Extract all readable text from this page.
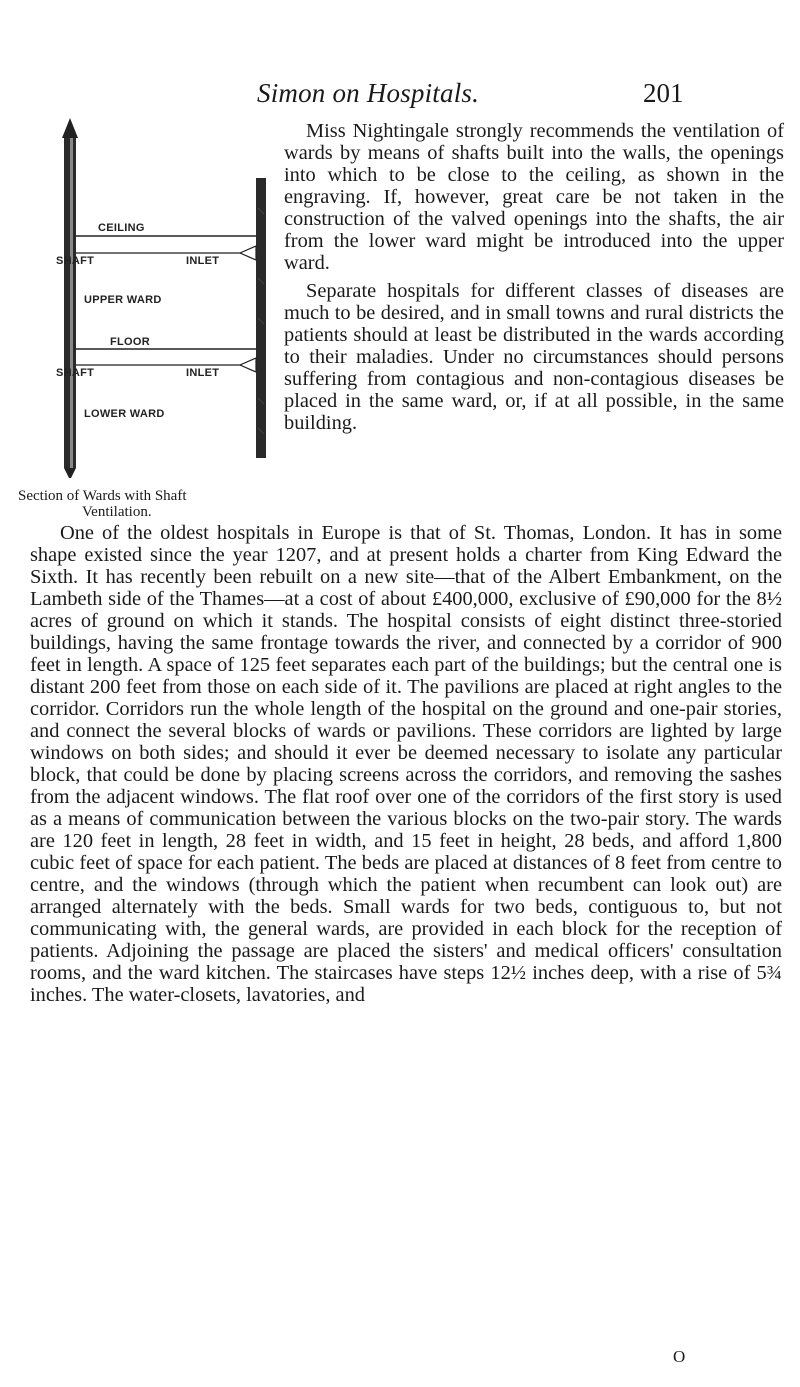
Simon on Hospitals.	201
CEILING
SHAFT	INLET
UPPER WARD
FLOOR
SHAFT	INLET
LOWER WARD
Section of Wards with Shaft
Ventilation.

Miss Nightingale strongly recommends the ventilation of wards by means of shafts built into the walls, the openings into which to be close to the ceiling, as shown in the engraving. If, however, great care be not taken in the construction of the valved openings into the shafts, the air from the lower ward might be introduced into the upper ward.

Separate hospitals for different classes of diseases are much to be desired, and in small towns and rural districts the patients should at least be distributed in the wards according to their maladies. Under no circumstances should persons suffering from contagious and non-contagious diseases be placed in the same ward, or, if at all possible, in the same building.

One of the oldest hospitals in Europe is that of St. Thomas, London. It has in some shape existed since the year 1207, and at present holds a charter from King Edward the Sixth. It has recently been rebuilt on a new site—that of the Albert Embankment, on the Lambeth side of the Thames—at a cost of about £400,000, exclusive of £90,000 for the 8½ acres of ground on which it stands. The hospital consists of eight distinct three-storied buildings, having the same frontage towards the river, and connected by a corridor of 900 feet in length. A space of 125 feet separates each part of the buildings; but the central one is distant 200 feet from those on each side of it. The pavilions are placed at right angles to the corridor. Corridors run the whole length of the hospital on the ground and one-pair stories, and connect the several blocks of wards or pavilions. These corridors are lighted by large windows on both sides; and should it ever be deemed necessary to isolate any particular block, that could be done by placing screens across the corridors, and removing the sashes from the adjacent windows. The flat roof over one of the corridors of the first story is used as a means of communication between the various blocks on the two-pair story. The wards are 120 feet in length, 28 feet in width, and 15 feet in height, 28 beds, and afford 1,800 cubic feet of space for each patient. The beds are placed at distances of 8 feet from centre to centre, and the windows (through which the patient when recumbent can look out) are arranged alternately with the beds. Small wards for two beds, contiguous to, but not communicating with, the general wards, are provided in each block for the reception of patients. Adjoining the passage are placed the sisters' and medical officers' consultation rooms, and the ward kitchen. The staircases have steps 12½ inches deep, with a rise of 5¾ inches. The water-closets, lavatories, and

O
